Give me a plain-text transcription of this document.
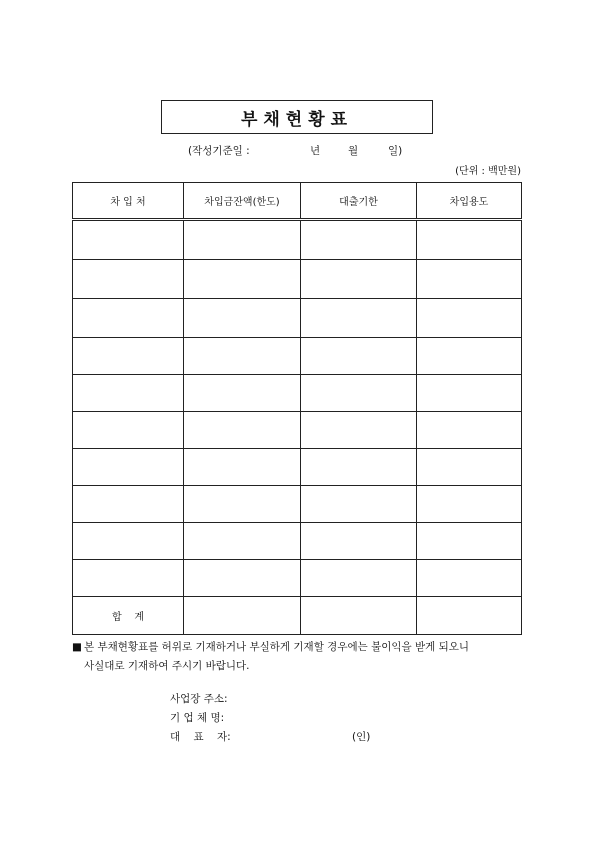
부채현황표
(작성기준일 :	년	월	일)
(단위 : 백만원)
차 입 처	차입금잔액(한도)	대출기한	차입용도

합    계			
■ 본 부채현황표를 허위로 기재하거나 부실하게 기재할 경우에는 불이익을 받게 되오니
사실대로 기재하여 주시기 바랍니다.
사업장 주소:
기 업 체 명:
대    표    자:	(인)
